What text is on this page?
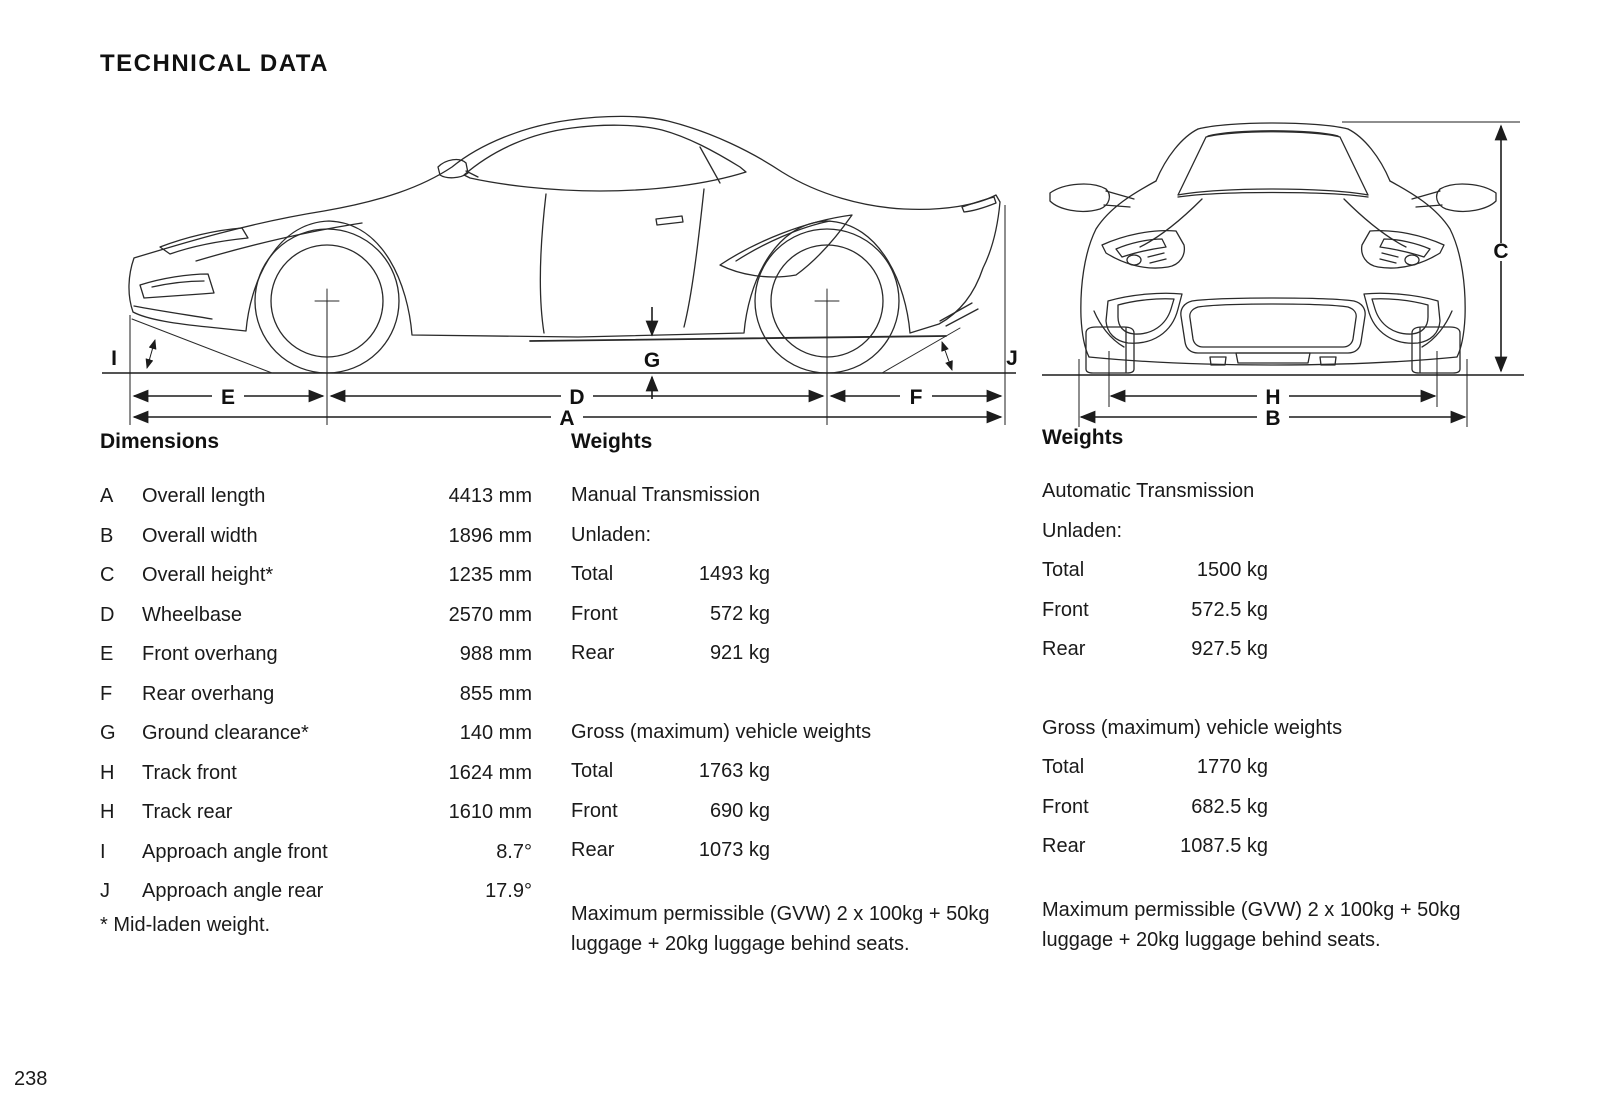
TECHNICAL DATA
I
E	D	F
A
G	J
C
H
B
Dimensions
A	Overall length	4413 mm
B	Overall width	1896 mm
C	Overall height*	1235 mm
D	Wheelbase	2570 mm
E	Front overhang	988 mm
F	Rear overhang	855 mm
G	Ground clearance*	140 mm
H	Track front	1624 mm
H	Track rear	1610 mm
I	Approach angle front	8.7°
J	Approach angle rear	17.9°

* Mid-laden weight.

Weights
Manual Transmission
Unladen:
Total	1493 kg
Front	572 kg
Rear	921 kg
Gross (maximum) vehicle weights
Total	1763 kg
Front	690 kg
Rear	1073 kg

Maximum permissible (GVW) 2 x 100kg + 50kg luggage + 20kg luggage behind seats.

Weights
Automatic Transmission
Unladen:
Total	1500 kg
Front	572.5 kg
Rear	927.5 kg
Gross (maximum) vehicle weights
Total	1770 kg
Front	682.5 kg
Rear	1087.5 kg

Maximum permissible (GVW) 2 x 100kg + 50kg luggage + 20kg luggage behind seats.

238
